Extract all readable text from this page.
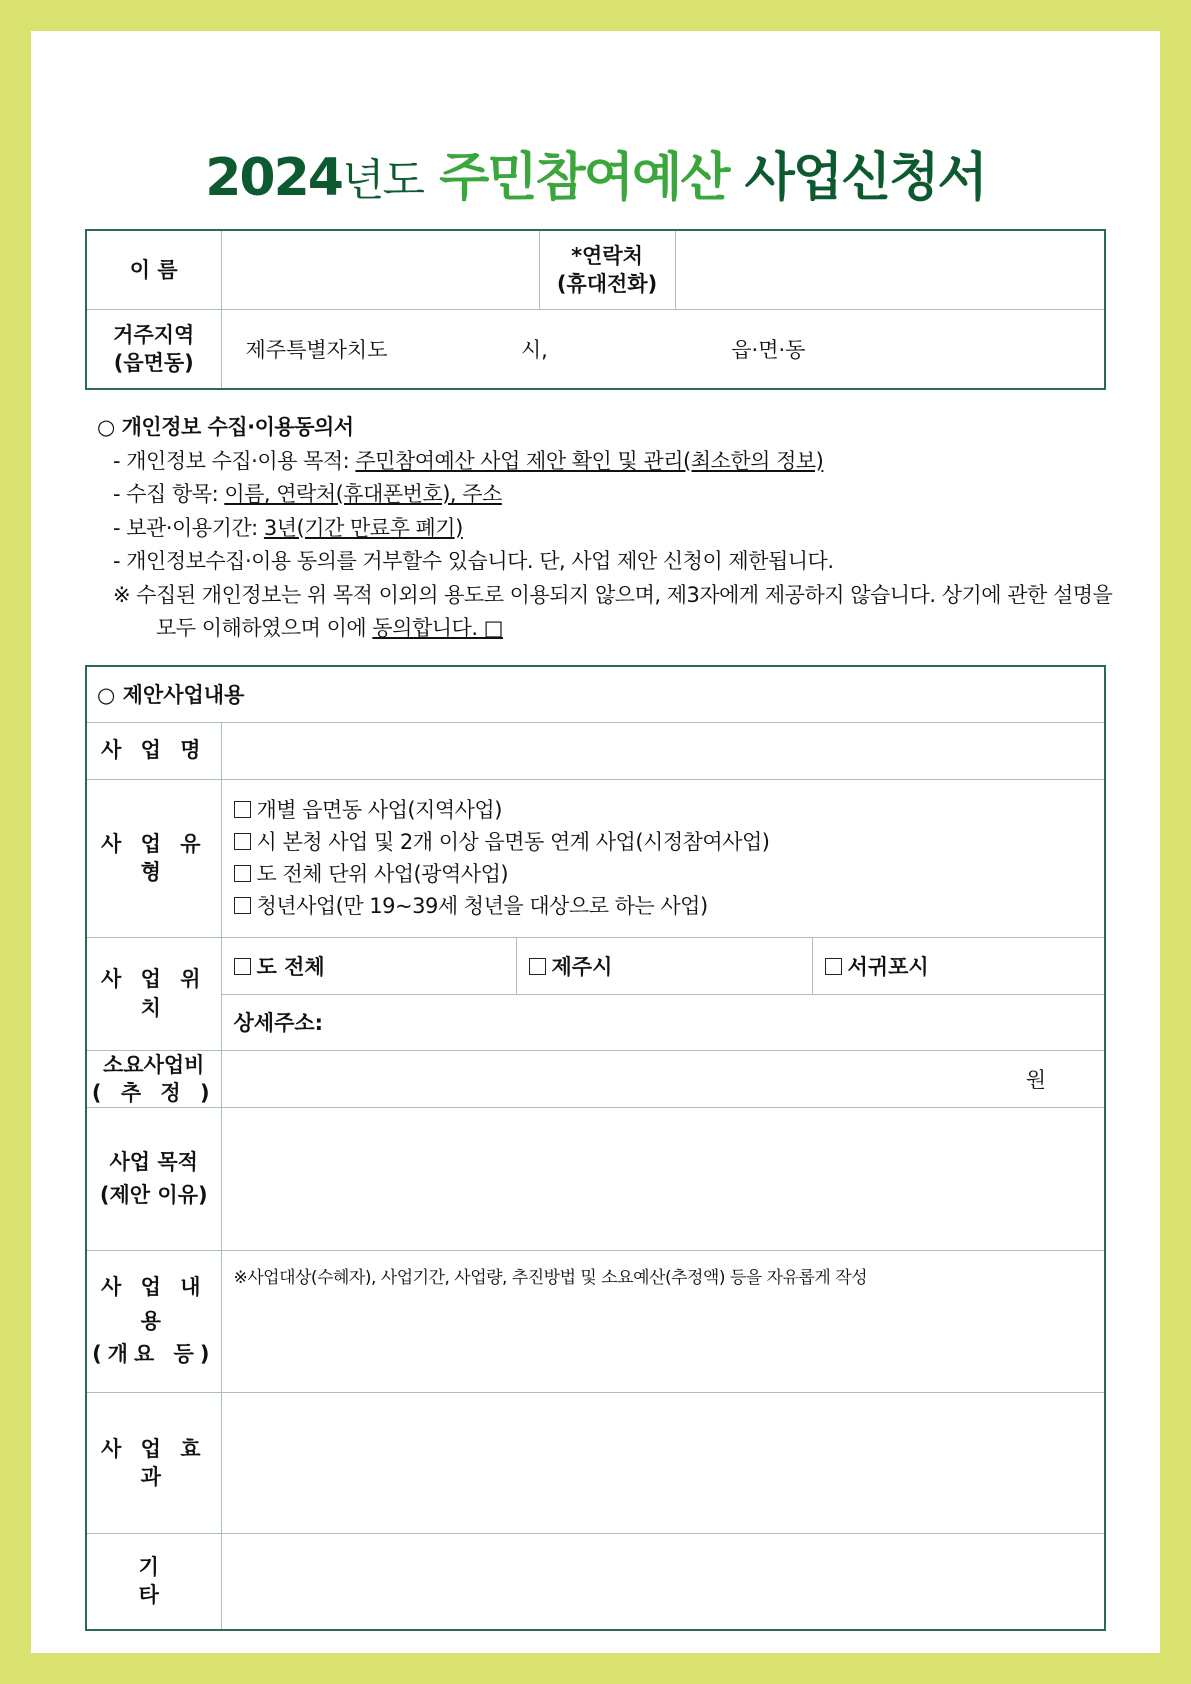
2024년도 주민참여예산 사업신청서
이 름		*연락처
(휴대전화)	

거주지역
(읍면동)	제주특별자치도 시, 읍·면·동		
○ 개인정보 수집·이용동의서
- 개인정보 수집·이용 목적: 주민참여예산 사업 제안 확인 및 관리(최소한의 정보)
- 수집 항목: 이름, 연락처(휴대폰번호), 주소
- 보관·이용기간: 3년(기간 만료후 폐기)
- 개인정보수집·이용 동의를 거부할수 있습니다. 단, 사업 제안 신청이 제한됩니다.
※ 수집된 개인정보는 위 목적 이외의 용도로 이용되지 않으며, 제3자에게 제공하지 않습니다. 상기에 관한 설명을
모두 이해하였으며 이에 동의합니다. □
○ 제안사업내용			
사 업 명			
사 업 유 형	개별 읍면동 사업(지역사업)
시 본청 사업 및 2개 이상 읍면동 연계 사업(시정참여사업)
도 전체 단위 사업(광역사업)
청년사업(만 19~39세 청년을 대상으로 하는 사업)		

사 업 위 치	도 전체	제주시	서귀포시
	상세주소:		

소요사업비
( 추 정 )	원		

사업 목적
(제안 이유)			

사 업 내 용
(개요 등)	※사업대상(수혜자), 사업기간, 사업량, 추진방법 및 소요예산(추정액) 등을 자유롭게 작성		
사 업 효 과			
기 타			
